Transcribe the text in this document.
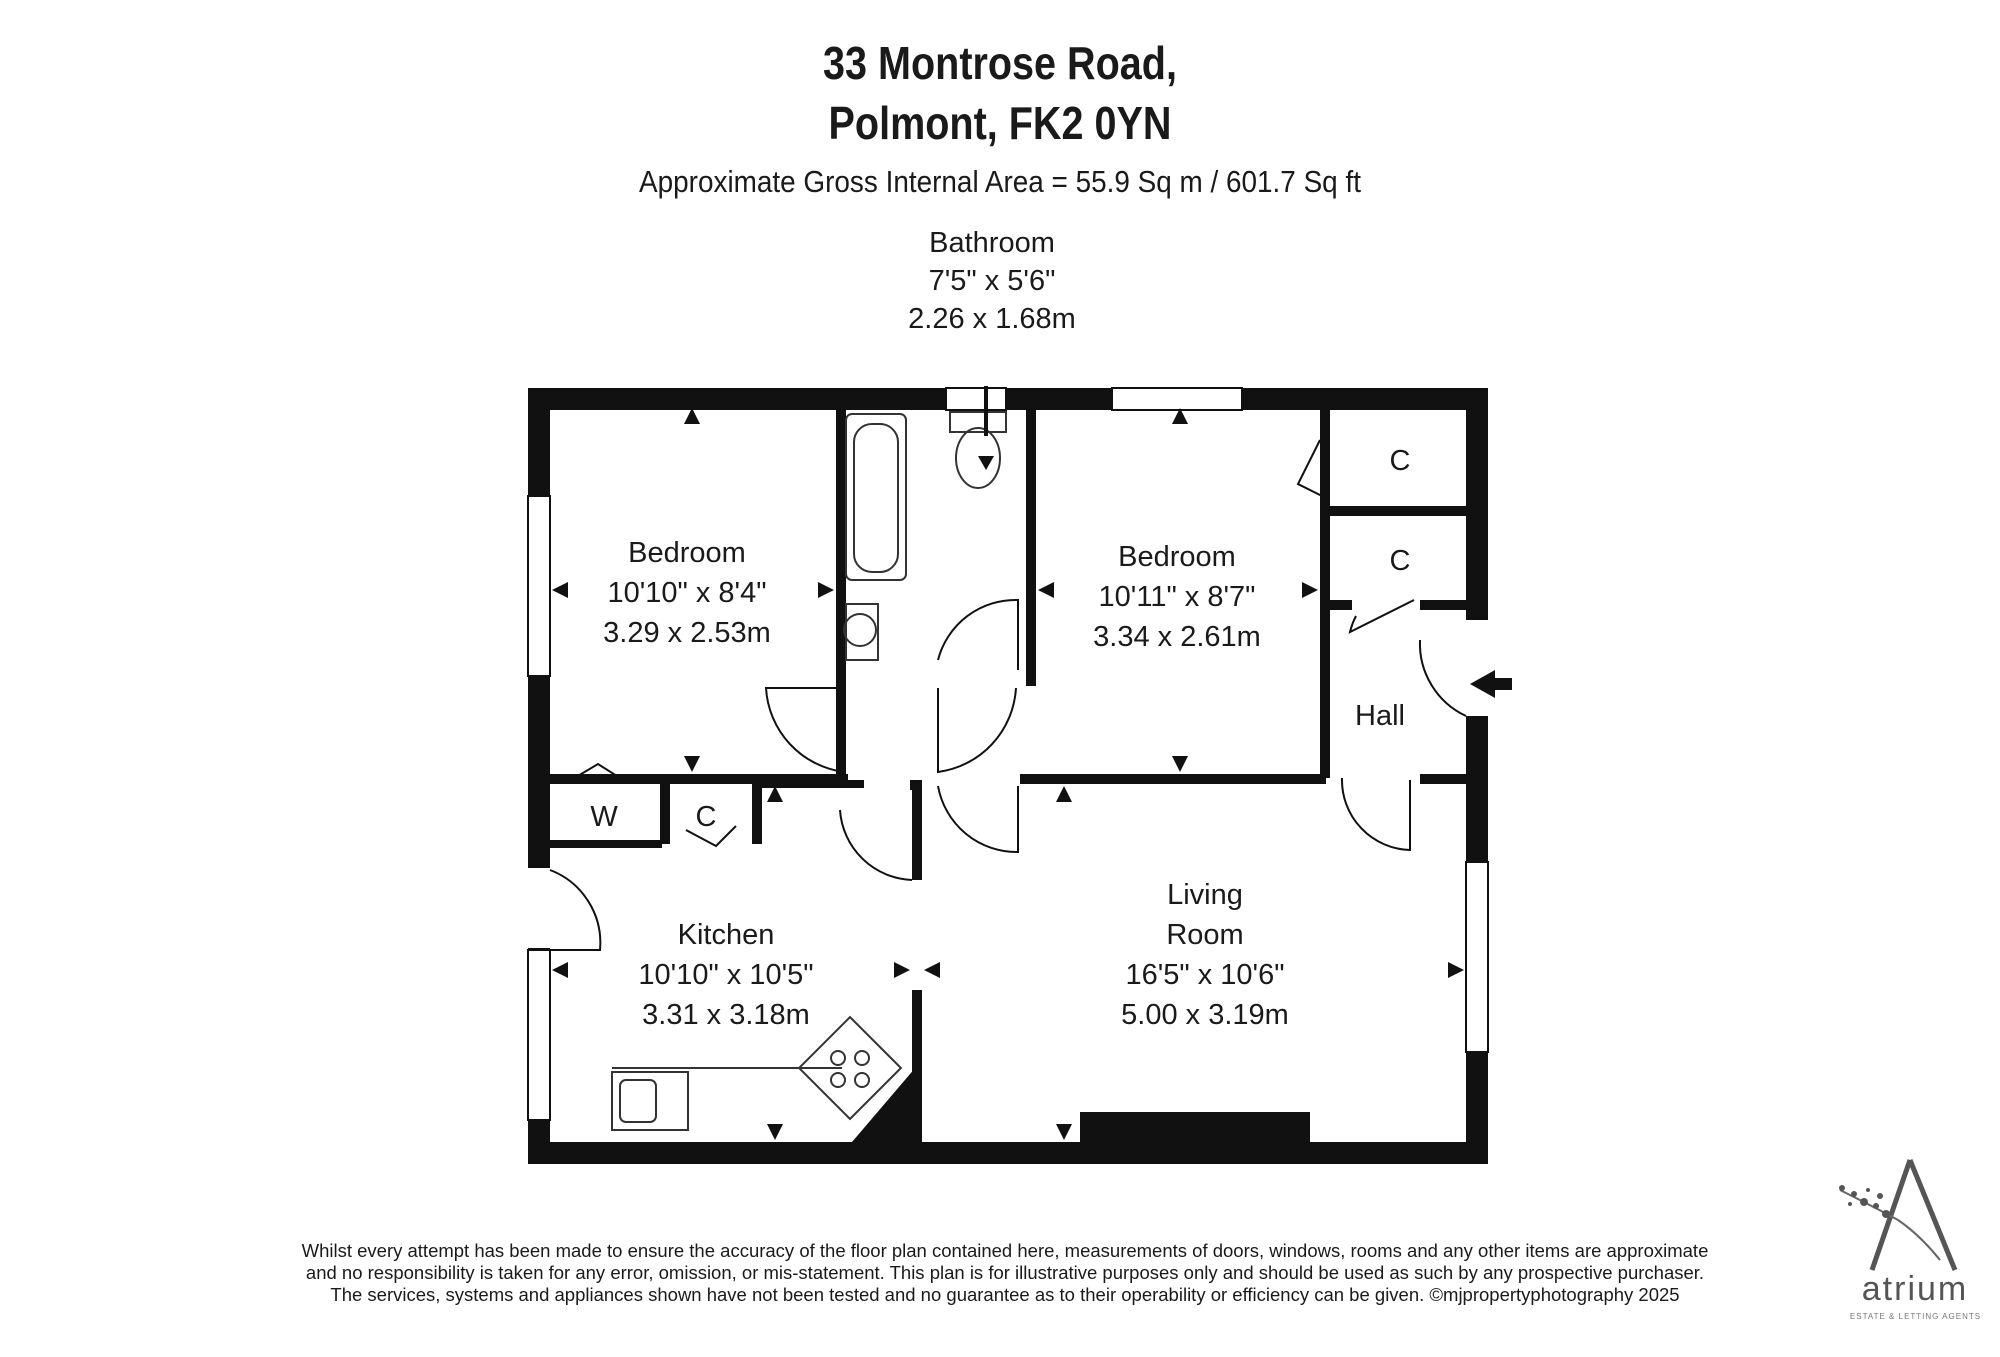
33 Montrose Road,
Polmont, FK2 0YN
Approximate Gross Internal Area = 55.9 Sq m / 601.7 Sq ft
Bathroom
7'5" x 5'6"
2.26 x 1.68m
Bedroom
10'10" x 8'4"
3.29 x 2.53m
Bedroom
10'11" x 8'7"
3.34 x 2.61m
Kitchen
10'10" x 10'5"
3.31 x 3.18m
Living
Room
16'5" x 10'6"
5.00 x 3.19m
Hall
C
C
C
W
Whilst every attempt has been made to ensure the accuracy of the floor plan contained here, measurements of doors, windows, rooms and any other items are approximate
and no responsibility is taken for any error, omission, or mis-statement. This plan is for illustrative purposes only and should be used as such by any prospective purchaser.
The services, systems and appliances shown have not been tested and no guarantee as to their operability or efficiency can be given. ©mjpropertyphotography 2025	atrium
ESTATE & LETTING AGENTS
